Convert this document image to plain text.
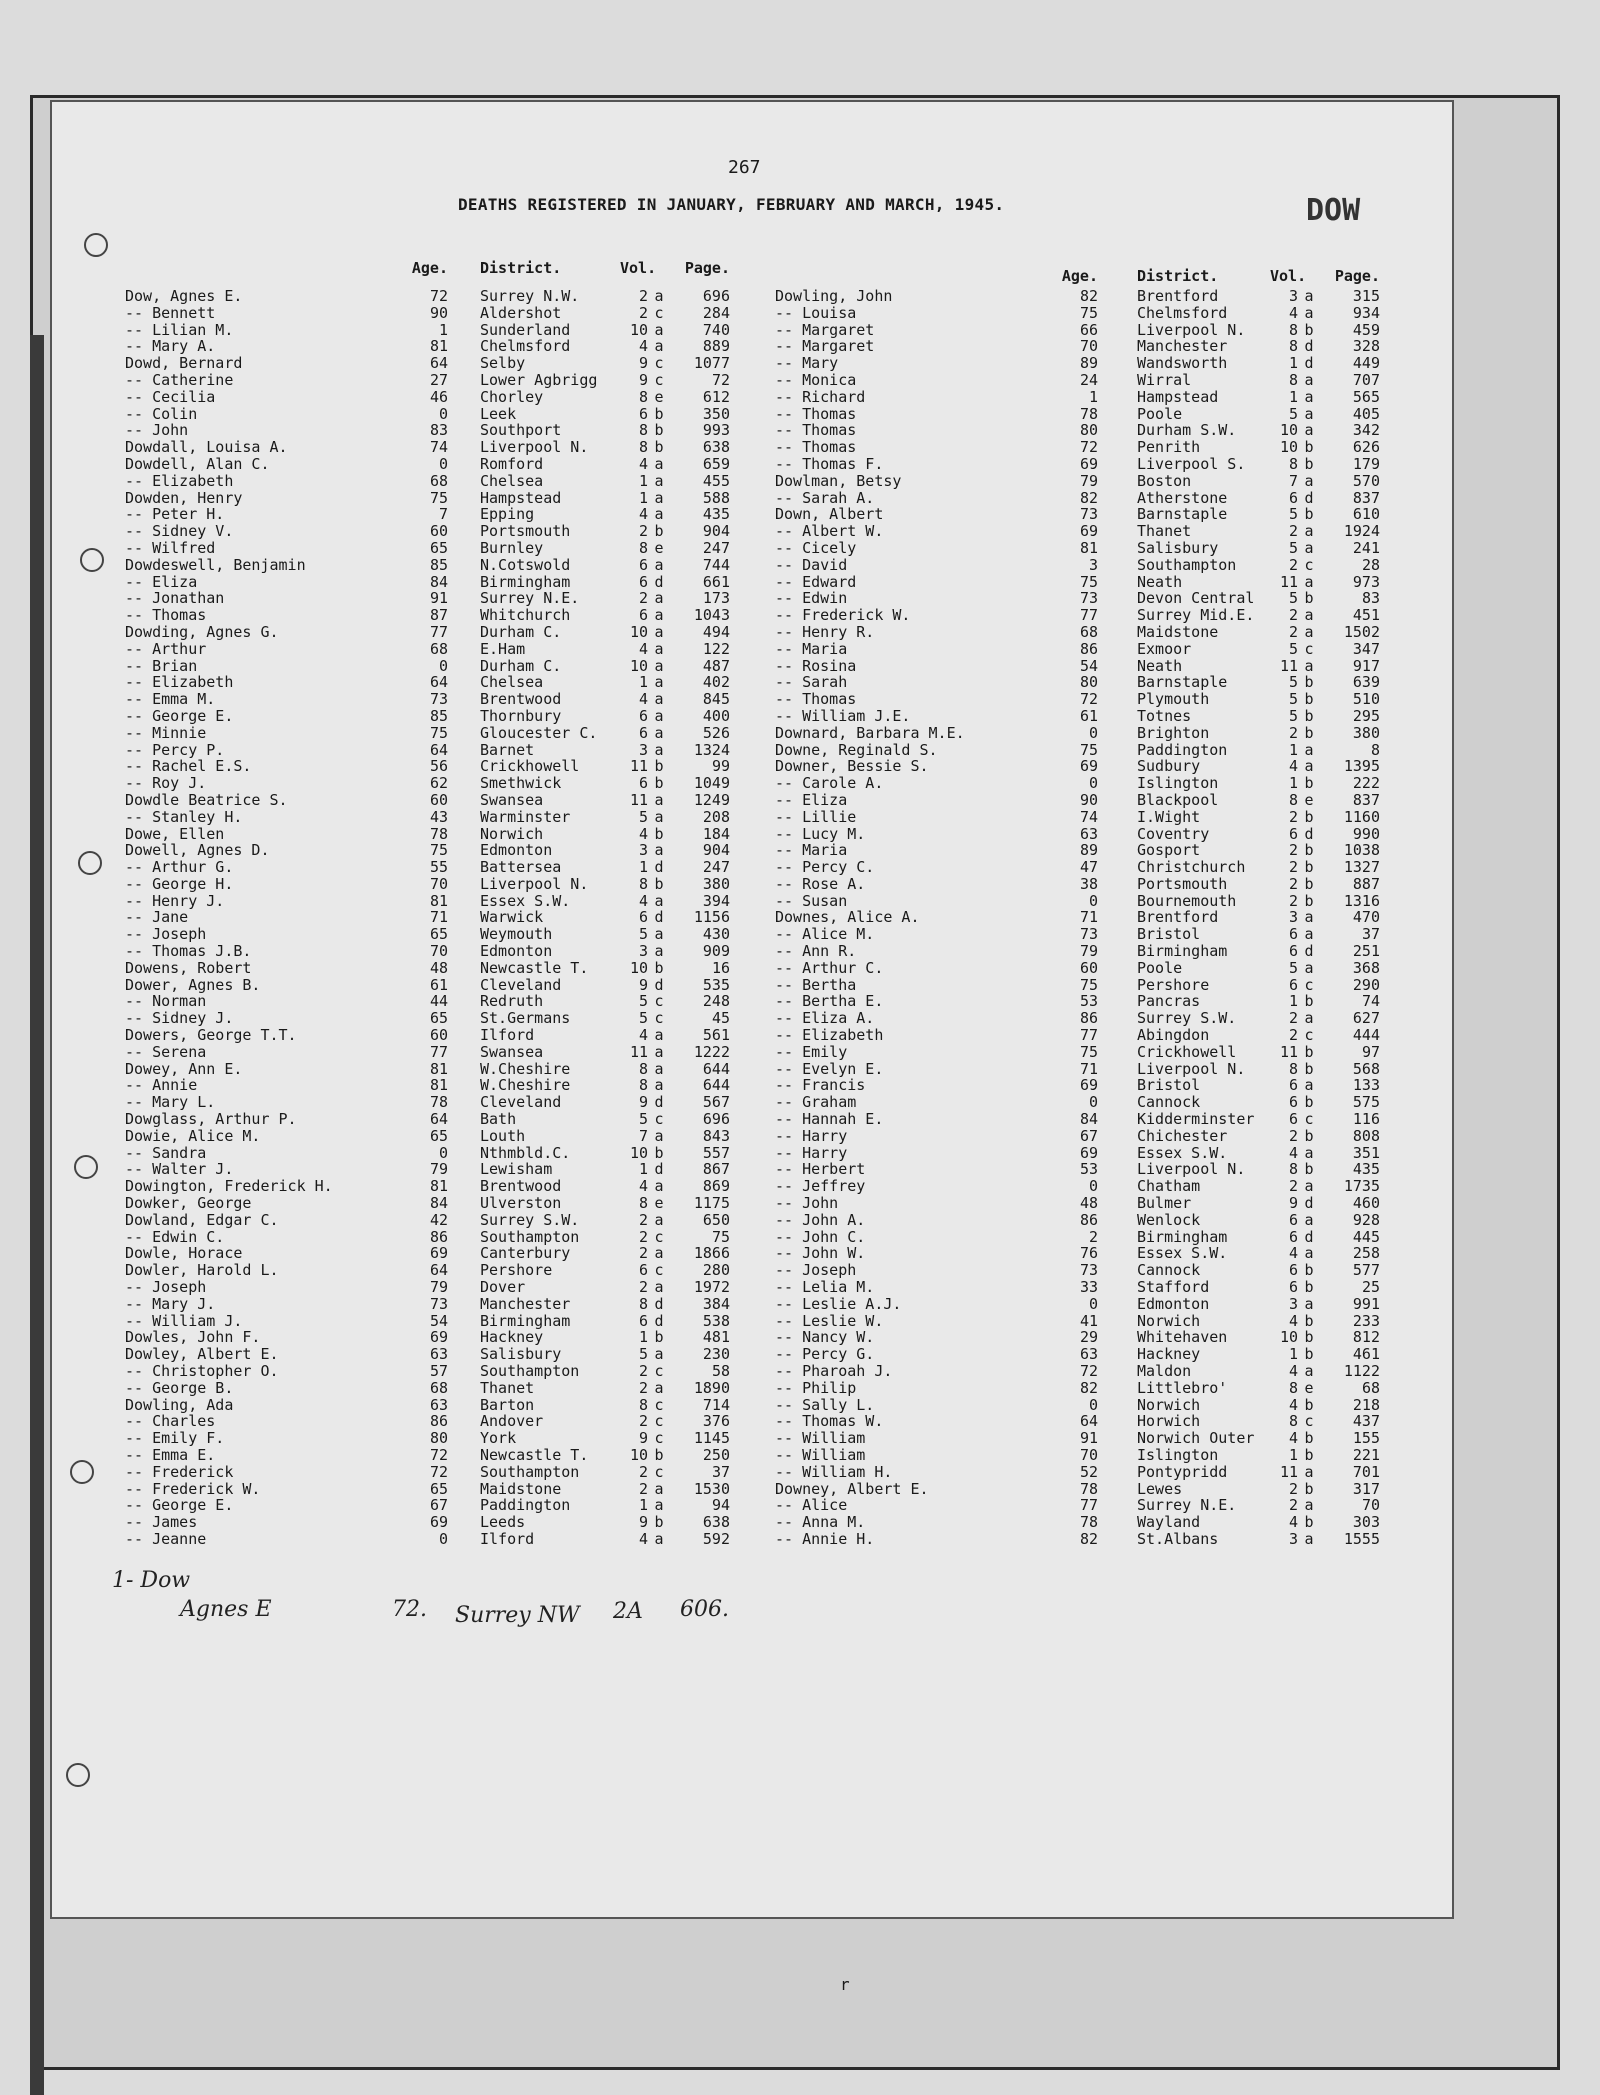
267
DEATHS REGISTERED IN JANUARY, FEBRUARY AND MARCH, 1945.	DOW
Age. District.	Vol.	Page.
Dow, Agnes E.	72 Surrey N.W.	2 a	696
-- Bennett	90 Aldershot	2 c	284
-- Lilian M.	1 Sunderland	10 a	740
-- Mary A.	81 Chelmsford	4 a	889
Dowd, Bernard	64 Selby	9 c	1077
-- Catherine	27 Lower Agbrigg	9 c	72
-- Cecilia	46 Chorley	8 e	612
-- Colin	0 Leek	6 b	350
-- John	83 Southport	8 b	993
Dowdall, Louisa A.	74 Liverpool N.	8 b	638
Dowdell, Alan C.	0 Romford	4 a	659
-- Elizabeth	68 Chelsea	1 a	455
Dowden, Henry	75 Hampstead	1 a	588
-- Peter H.	7 Epping	4 a	435
-- Sidney V.	60 Portsmouth	2 b	904
-- Wilfred	65 Burnley	8 e	247
Dowdeswell, Benjamin	85 N.Cotswold	6 a	744
-- Eliza	84 Birmingham	6 d	661
-- Jonathan	91 Surrey N.E.	2 a	173
-- Thomas	87 Whitchurch	6 a	1043
Dowding, Agnes G.	77 Durham C.	10 a	494
-- Arthur	68 E.Ham	4 a	122
-- Brian	0 Durham C.	10 a	487
-- Elizabeth	64 Chelsea	1 a	402
-- Emma M.	73 Brentwood	4 a	845
-- George E.	85 Thornbury	6 a	400
-- Minnie	75 Gloucester C.	6 a	526
-- Percy P.	64 Barnet	3 a	1324
-- Rachel E.S.	56 Crickhowell	11 b	99
-- Roy J.	62 Smethwick	6 b	1049
Dowdle Beatrice S.	60 Swansea	11 a	1249
-- Stanley H.	43 Warminster	5 a	208
Dowe, Ellen	78 Norwich	4 b	184
Dowell, Agnes D.	75 Edmonton	3 a	904
-- Arthur G.	55 Battersea	1 d	247
-- George H.	70 Liverpool N.	8 b	380
-- Henry J.	81 Essex S.W.	4 a	394
-- Jane	71 Warwick	6 d	1156
-- Joseph	65 Weymouth	5 a	430
-- Thomas J.B.	70 Edmonton	3 a	909
Dowens, Robert	48 Newcastle T.	10 b	16
Dower, Agnes B.	61 Cleveland	9 d	535
-- Norman	44 Redruth	5 c	248
-- Sidney J.	65 St.Germans	5 c	45
Dowers, George T.T.	60 Ilford	4 a	561
-- Serena	77 Swansea	11 a	1222
Dowey, Ann E.	81 W.Cheshire	8 a	644
-- Annie	81 W.Cheshire	8 a	644
-- Mary L.	78 Cleveland	9 d	567
Dowglass, Arthur P.	64 Bath	5 c	696
Dowie, Alice M.	65 Louth	7 a	843
-- Sandra	0 Nthmbld.C.	10 b	557
-- Walter J.	79 Lewisham	1 d	867
Dowington, Frederick H.	81 Brentwood	4 a	869
Dowker, George	84 Ulverston	8 e	1175
Dowland, Edgar C.	42 Surrey S.W.	2 a	650
-- Edwin C.	86 Southampton	2 c	75
Dowle, Horace	69 Canterbury	2 a	1866
Dowler, Harold L.	64 Pershore	6 c	280
-- Joseph	79 Dover	2 a	1972
-- Mary J.	73 Manchester	8 d	384
-- William J.	54 Birmingham	6 d	538
Dowles, John F.	69 Hackney	1 b	481
Dowley, Albert E.	63 Salisbury	5 a	230
-- Christopher O.	57 Southampton	2 c	58
-- George B.	68 Thanet	2 a	1890
Dowling, Ada	63 Barton	8 c	714
-- Charles	86 Andover	2 c	376
-- Emily F.	80 York	9 c	1145
-- Emma E.	72 Newcastle T.	10 b	250
-- Frederick	72 Southampton	2 c	37
-- Frederick W.	65 Maidstone	2 a	1530
-- George E.	67 Paddington	1 a	94
-- James	69 Leeds	9 b	638
-- Jeanne	0 Ilford	4 a	592
Age.	District.	Vol.	Page.
Dowling, John	82	Brentford	3 a	315
-- Louisa	75	Chelmsford	4 a	934
-- Margaret	66	Liverpool N.	8 b	459
-- Margaret	70	Manchester	8 d	328
-- Mary	89	Wandsworth	1 d	449
-- Monica	24	Wirral	8 a	707
-- Richard	1	Hampstead	1 a	565
-- Thomas	78	Poole	5 a	405
-- Thomas	80	Durham S.W.	10 a	342
-- Thomas	72	Penrith	10 b	626
-- Thomas F.	69	Liverpool S.	8 b	179
Dowlman, Betsy	79	Boston	7 a	570
-- Sarah A.	82	Atherstone	6 d	837
Down, Albert	73	Barnstaple	5 b	610
-- Albert W.	69	Thanet	2 a	1924
-- Cicely	81	Salisbury	5 a	241
-- David	3	Southampton	2 c	28
-- Edward	75	Neath	11 a	973
-- Edwin	73	Devon Central	5 b	83
-- Frederick W.	77	Surrey Mid.E.	2 a	451
-- Henry R.	68	Maidstone	2 a	1502
-- Maria	86	Exmoor	5 c	347
-- Rosina	54	Neath	11 a	917
-- Sarah	80	Barnstaple	5 b	639
-- Thomas	72	Plymouth	5 b	510
-- William J.E.	61	Totnes	5 b	295
Downard, Barbara M.E.	0	Brighton	2 b	380
Downe, Reginald S.	75	Paddington	1 a	8
Downer, Bessie S.	69	Sudbury	4 a	1395
-- Carole A.	0	Islington	1 b	222
-- Eliza	90	Blackpool	8 e	837
-- Lillie	74	I.Wight	2 b	1160
-- Lucy M.	63	Coventry	6 d	990
-- Maria	89	Gosport	2 b	1038
-- Percy C.	47	Christchurch	2 b	1327
-- Rose A.	38	Portsmouth	2 b	887
-- Susan	0	Bournemouth	2 b	1316
Downes, Alice A.	71	Brentford	3 a	470
-- Alice M.	73	Bristol	6 a	37
-- Ann R.	79	Birmingham	6 d	251
-- Arthur C.	60	Poole	5 a	368
-- Bertha	75	Pershore	6 c	290
-- Bertha E.	53	Pancras	1 b	74
-- Eliza A.	86	Surrey S.W.	2 a	627
-- Elizabeth	77	Abingdon	2 c	444
-- Emily	75	Crickhowell	11 b	97
-- Evelyn E.	71	Liverpool N.	8 b	568
-- Francis	69	Bristol	6 a	133
-- Graham	0	Cannock	6 b	575
-- Hannah E.	84	Kidderminster	6 c	116
-- Harry	67	Chichester	2 b	808
-- Harry	69	Essex S.W.	4 a	351
-- Herbert	53	Liverpool N.	8 b	435
-- Jeffrey	0	Chatham	2 a	1735
-- John	48	Bulmer	9 d	460
-- John A.	86	Wenlock	6 a	928
-- John C.	2	Birmingham	6 d	445
-- John W.	76	Essex S.W.	4 a	258
-- Joseph	73	Cannock	6 b	577
-- Lelia M.	33	Stafford	6 b	25
-- Leslie A.J.	0	Edmonton	3 a	991
-- Leslie W.	41	Norwich	4 b	233
-- Nancy W.	29	Whitehaven	10 b	812
-- Percy G.	63	Hackney	1 b	461
-- Pharoah J.	72	Maldon	4 a	1122
-- Philip	82	Littlebro'	8 e	68
-- Sally L.	0	Norwich	4 b	218
-- Thomas W.	64	Horwich	8 c	437
-- William	91	Norwich Outer	4 b	155
-- William	70	Islington	1 b	221
-- William H.	52	Pontypridd	11 a	701
Downey, Albert E.	78	Lewes	2 b	317
-- Alice	77	Surrey N.E.	2 a	70
-- Anna M.	78	Wayland	4 b	303
-- Annie H.	82	St.Albans	3 a	1555
1- Dow
Agnes E	72. Surrey NW 2A 606.
r
